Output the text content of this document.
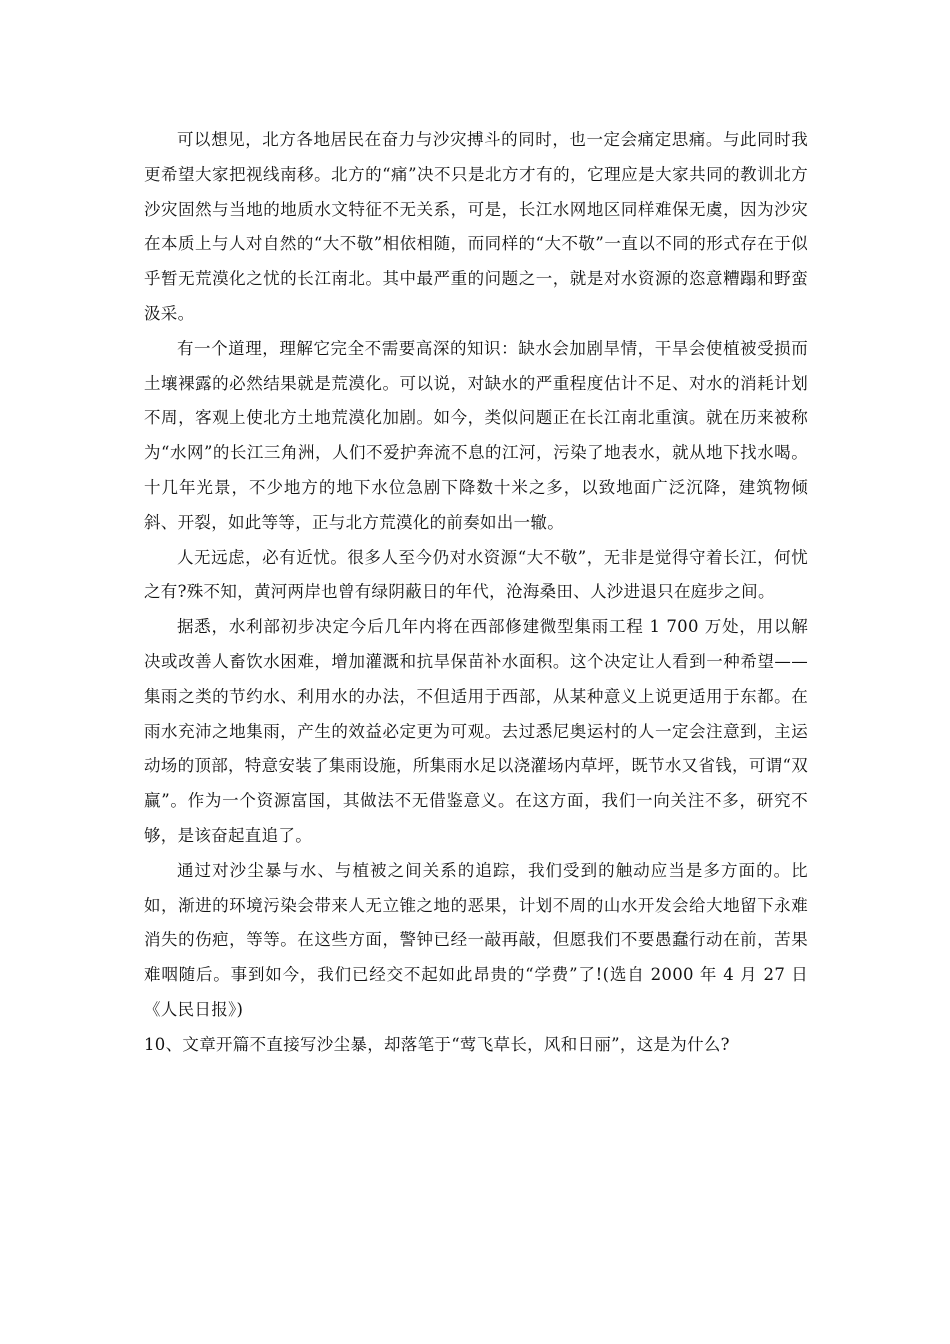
可以想见，北方各地居民在奋力与沙灾搏斗的同时，也一定会痛定思痛。与此同时我更希望大家把视线南移。北方的“痛”决不只是北方才有的，它理应是大家共同的教训北方沙灾固然与当地的地质水文特征不无关系，可是，长江水网地区同样难保无虞，因为沙灾在本质上与人对自然的“大不敬”相依相随，而同样的“大不敬”一直以不同的形式存在于似乎暂无荒漠化之忧的长江南北。其中最严重的问题之一，就是对水资源的恣意糟蹋和野蛮汲采。

有一个道理，理解它完全不需要高深的知识：缺水会加剧旱情，干旱会使植被受损而土壤裸露的必然结果就是荒漠化。可以说，对缺水的严重程度估计不足、对水的消耗计划不周，客观上使北方土地荒漠化加剧。如今，类似问题正在长江南北重演。就在历来被称为“水网”的长江三角洲，人们不爱护奔流不息的江河，污染了地表水，就从地下找水喝。十几年光景，不少地方的地下水位急剧下降数十米之多，以致地面广泛沉降，建筑物倾斜、开裂，如此等等，正与北方荒漠化的前奏如出一辙。

人无远虑，必有近忧。很多人至今仍对水资源“大不敬”，无非是觉得守着长江，何忧之有?殊不知，黄河两岸也曾有绿阴蔽日的年代，沧海桑田、人沙进退只在庭步之间。

据悉，水利部初步决定今后几年内将在西部修建微型集雨工程 1 700 万处，用以解决或改善人畜饮水困难，增加灌溉和抗旱保苗补水面积。这个决定让人看到一种希望——集雨之类的节约水、利用水的办法，不但适用于西部，从某种意义上说更适用于东都。在雨水充沛之地集雨，产生的效益必定更为可观。去过悉尼奥运村的人一定会注意到，主运动场的顶部，特意安装了集雨设施，所集雨水足以浇灌场内草坪，既节水又省钱，可谓“双赢”。作为一个资源富国，其做法不无借鉴意义。在这方面，我们一向关注不多，研究不够，是该奋起直追了。

通过对沙尘暴与水、与植被之间关系的追踪，我们受到的触动应当是多方面的。比如，渐进的环境污染会带来人无立锥之地的恶果，计划不周的山水开发会给大地留下永难消失的伤疤，等等。在这些方面，警钟已经一敲再敲，但愿我们不要愚蠢行动在前，苦果难咽随后。事到如今，我们已经交不起如此昂贵的“学费”了!(选自 2000 年 4 月 27 日《人民日报》)

10、文章开篇不直接写沙尘暴，却落笔于“莺飞草长，风和日丽”，这是为什么?
